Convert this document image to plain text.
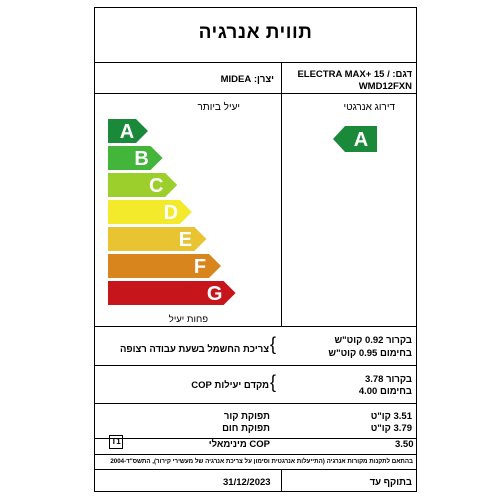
תווית אנרגיה
דגם: ELECTRA MAX+ 15 /
WMD12FXN
יצרן: MIDEA
דירוג אנרגטי
A
יעיל ביותר
A
B
C
D
E
F
G
פחות יעיל
בקרור 0.92 קוט"ש
בחימום 0.95 קוט"ש
{
צריכת החשמל בשעת עבודה רצופה
בקרור 3.78
בחימום 4.00
{
מקדם יעילות COP
3.51 קו"ט
3.79 קו"ט
תפוקת קור
תפוקת חום
T1	COP מינימאלי	3.50
בהתאם לתקנות מקורות אנרגיה (התייעלות אנרגטית וסימון על צריכת אנרגיה של מעשירי קירור), התשס"ד-2004
בתוקף עד
31/12/2023
